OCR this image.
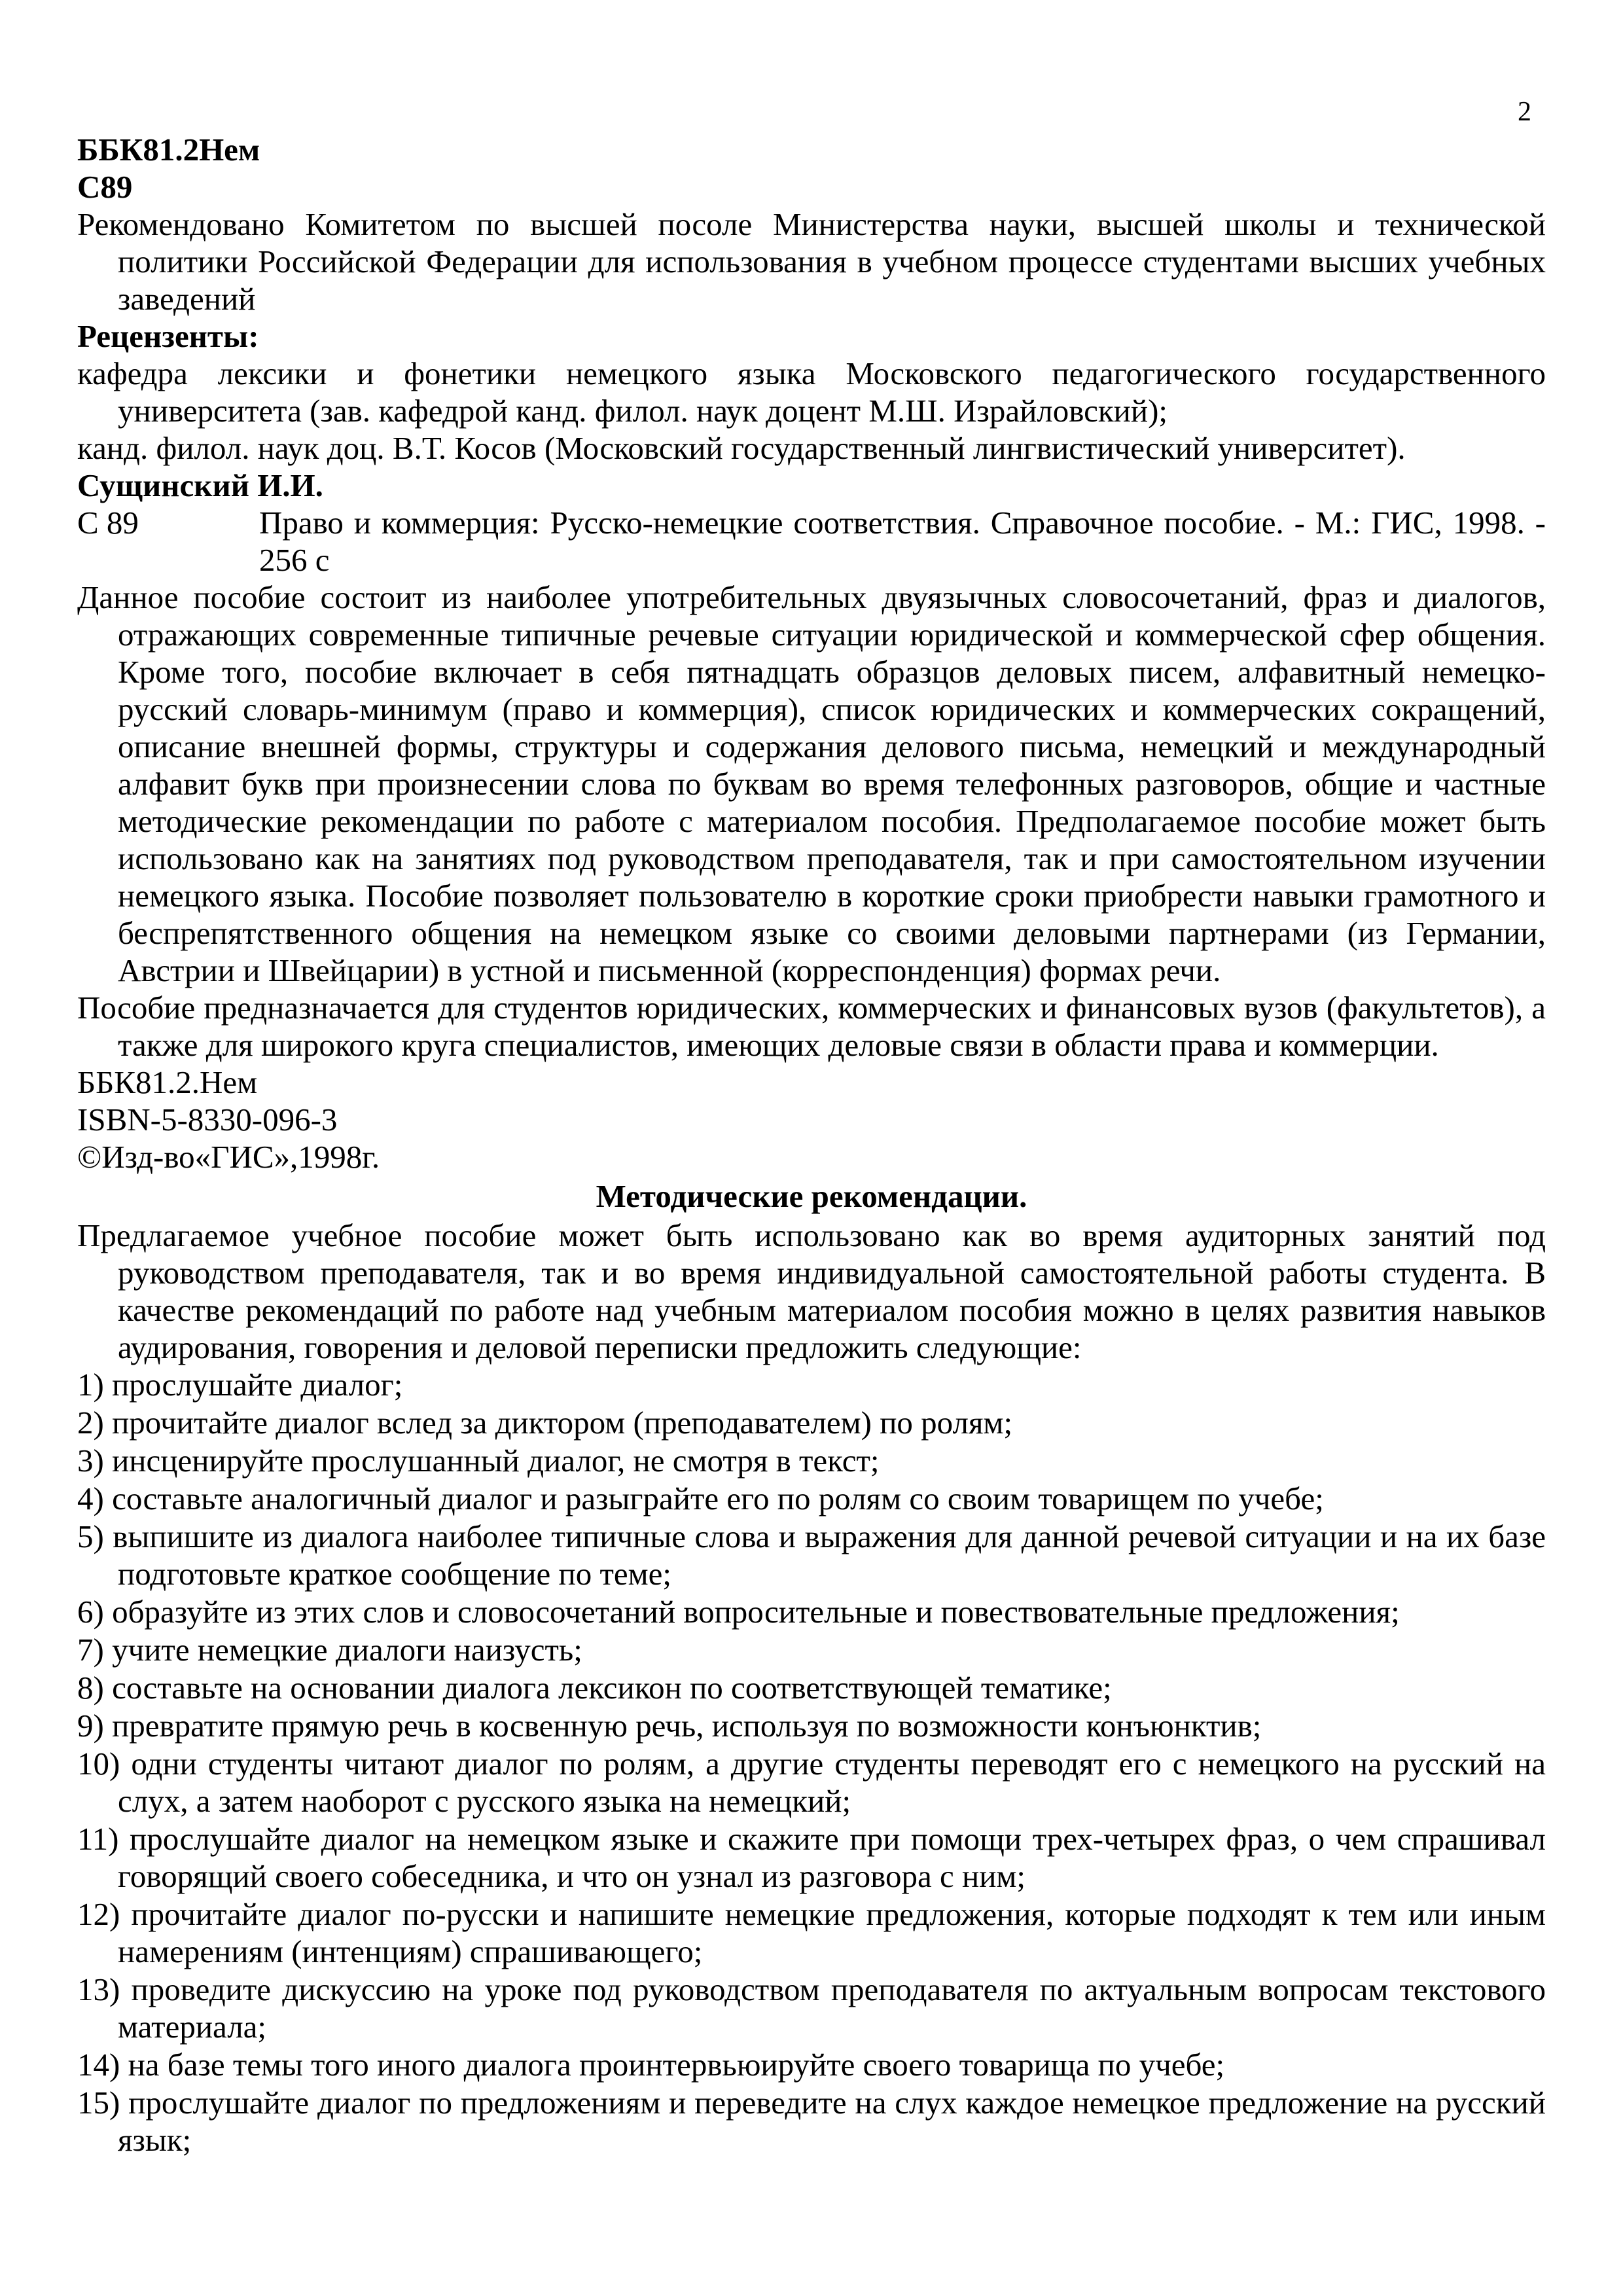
2
ББК81.2Нем
С89
Рекомендовано Комитетом по высшей посоле Министерства науки, высшей школы и технической политики Российской Федерации для использования в учебном процессе студентами высших учебных заведений
Рецензенты:
кафедра лексики и фонетики немецкого языка Московского педагогического государственного университета (зав. кафедрой канд. филол. наук доцент М.Ш. Израйловский);
канд. филол. наук доц. В.Т. Косов (Московский государственный лингвистический университет).
Сущинский И.И.
С 89	Право и коммерция: Русско-немецкие соответствия. Справочное пособие. - М.: ГИС, 1998. - 256 с
Данное пособие состоит из наиболее употребительных двуязычных словосочетаний, фраз и диалогов, отражающих современные типичные речевые ситуации юридической и коммерческой сфер общения. Кроме того, пособие включает в себя пятнадцать образцов деловых писем, алфавитный немецко-русский словарь-минимум (право и коммерция), список юридических и коммерческих сокращений, описание внешней формы, структуры и содержания делового письма, немецкий и международный алфавит букв при произнесении слова по буквам во время телефонных разговоров, общие и частные методические рекомендации по работе с материалом пособия. Предполагаемое пособие может быть использовано как на занятиях под руководством преподавателя, так и при самостоятельном изучении немецкого языка. Пособие позволяет пользователю в короткие сроки приобрести навыки грамотного и беспрепятственного общения на немецком языке со своими деловыми партнерами (из Германии, Австрии и Швейцарии) в устной и письменной (корреспонденция) формах речи.
Пособие предназначается для студентов юридических, коммерческих и финансовых вузов (факультетов), а также для широкого круга специалистов, имеющих деловые связи в области права и коммерции.
ББК81.2.Нем
ISBN-5-8330-096-3
©Изд-во«ГИС»,1998г.
Методические рекомендации.
Предлагаемое учебное пособие может быть использовано как во время аудиторных занятий под руководством преподавателя, так и во время индивидуальной самостоятельной работы студента. В качестве рекомендаций по работе над учебным материалом пособия можно в целях развития навыков аудирования, говорения и деловой переписки предложить следующие:
1) прослушайте диалог;
2) прочитайте диалог вслед за диктором (преподавателем) по ролям;
3) инсценируйте прослушанный диалог, не смотря в текст;
4) составьте аналогичный диалог и разыграйте его по ролям со своим товарищем по учебе;
5) выпишите из диалога наиболее типичные слова и выражения для данной речевой ситуации и на их базе подготовьте краткое сообщение по теме;
6) образуйте из этих слов и словосочетаний вопросительные и повествовательные предложения;
7) учите немецкие диалоги наизусть;
8) составьте на основании диалога лексикон по соответствующей тематике;
9) превратите прямую речь в косвенную речь, используя по возможности конъюнктив;
10) одни студенты читают диалог по ролям, а другие студенты переводят его с немецкого на русский на слух, а затем наоборот с русского языка на немецкий;
11) прослушайте диалог на немецком языке и скажите при помощи трех-четырех фраз, о чем спрашивал говорящий своего собеседника, и что он узнал из разговора с ним;
12) прочитайте диалог по-русски и напишите немецкие предложения, которые подходят к тем или иным намерениям (интенциям) спрашивающего;
13) проведите дискуссию на уроке под руководством преподавателя по актуальным вопросам текстового материала;
14) на базе темы того иного диалога проинтервьюируйте своего товарища по учебе;
15) прослушайте диалог по предложениям и переведите на слух каждое немецкое предложение на русский язык;
